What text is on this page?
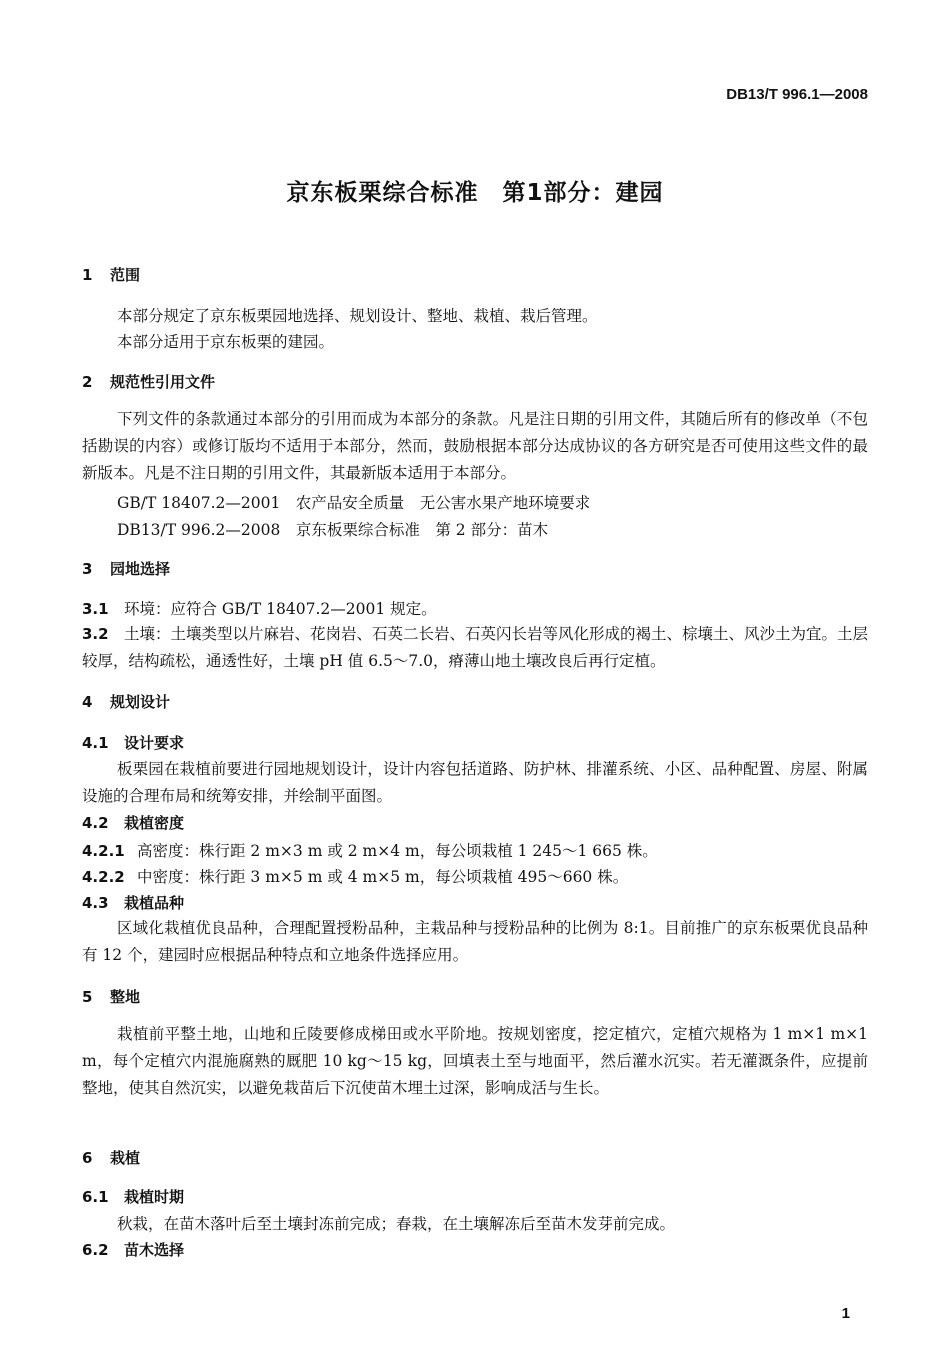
DB13/T 996.1—2008
京东板栗综合标准　第1部分：建园
1 范围
本部分规定了京东板栗园地选择、规划设计、整地、栽植、栽后管理。
本部分适用于京东板栗的建园。
2 规范性引用文件
下列文件的条款通过本部分的引用而成为本部分的条款。凡是注日期的引用文件，其随后所有的修改单（不包括勘误的内容）或修订版均不适用于本部分，然而，鼓励根据本部分达成协议的各方研究是否可使用这些文件的最新版本。凡是不注日期的引用文件，其最新版本适用于本部分。
GB/T 18407.2—2001　农产品安全质量　无公害水果产地环境要求
DB13/T 996.2—2008　京东板栗综合标准　第 2 部分：苗木
3 园地选择
3.1 环境：应符合 GB/T 18407.2—2001 规定。
3.2 土壤：土壤类型以片麻岩、花岗岩、石英二长岩、石英闪长岩等风化形成的褐土、棕壤土、风沙土为宜。土层较厚，结构疏松，通透性好，土壤 pH 值 6.5～7.0，瘠薄山地土壤改良后再行定植。
4 规划设计
4.1 设计要求
板栗园在栽植前要进行园地规划设计，设计内容包括道路、防护林、排灌系统、小区、品种配置、房屋、附属设施的合理布局和统筹安排，并绘制平面图。
4.2 栽植密度
4.2.1 高密度：株行距 2 m×3 m 或 2 m×4 m，每公顷栽植 1 245～1 665 株。
4.2.2 中密度：株行距 3 m×5 m 或 4 m×5 m，每公顷栽植 495～660 株。
4.3 栽植品种
区域化栽植优良品种，合理配置授粉品种，主栽品种与授粉品种的比例为 8:1。目前推广的京东板栗优良品种有 12 个，建园时应根据品种特点和立地条件选择应用。
5 整地
栽植前平整土地，山地和丘陵要修成梯田或水平阶地。按规划密度，挖定植穴，定植穴规格为 1 m×1 m×1 m，每个定植穴内混施腐熟的厩肥 10 kg～15 kg，回填表土至与地面平，然后灌水沉实。若无灌溉条件，应提前整地，使其自然沉实，以避免栽苗后下沉使苗木埋土过深，影响成活与生长。
6 栽植
6.1 栽植时期
秋栽，在苗木落叶后至土壤封冻前完成；春栽，在土壤解冻后至苗木发芽前完成。
6.2 苗木选择
1
